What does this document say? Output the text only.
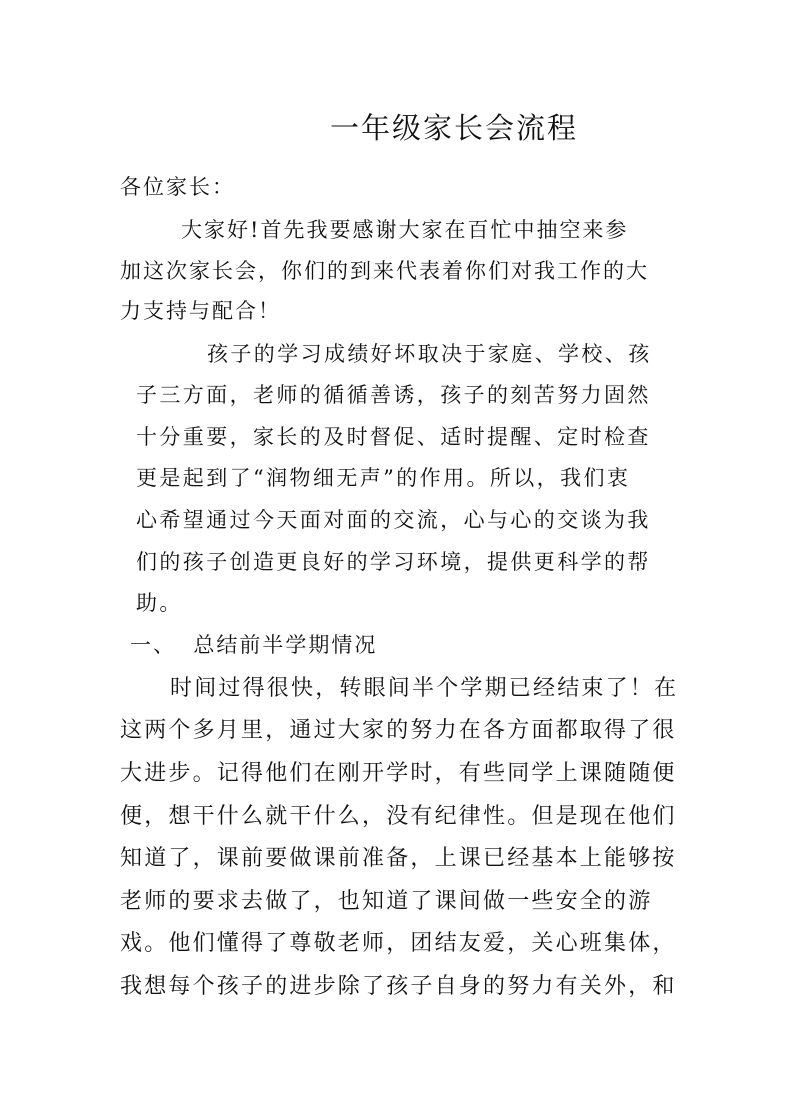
一年级家长会流程
各位家长：
大家好!首先我要感谢大家在百忙中抽空来参
加这次家长会，你们的到来代表着你们对我工作的大
力支持与配合！
孩子的学习成绩好坏取决于家庭、学校、孩
子三方面，老师的循循善诱，孩子的刻苦努力固然
十分重要，家长的及时督促、适时提醒、定时检查
更是起到了“润物细无声”的作用。所以，我们衷
心希望通过今天面对面的交流，心与心的交谈为我
们的孩子创造更良好的学习环境，提供更科学的帮
助。
一、  总结前半学期情况
时间过得很快，转眼间半个学期已经结束了！在
这两个多月里，通过大家的努力在各方面都取得了很
大进步。记得他们在刚开学时，有些同学上课随随便
便，想干什么就干什么，没有纪律性。但是现在他们
知道了，课前要做课前准备，上课已经基本上能够按
老师的要求去做了，也知道了课间做一些安全的游
戏。他们懂得了尊敬老师，团结友爱，关心班集体，
我想每个孩子的进步除了孩子自身的努力有关外，和
